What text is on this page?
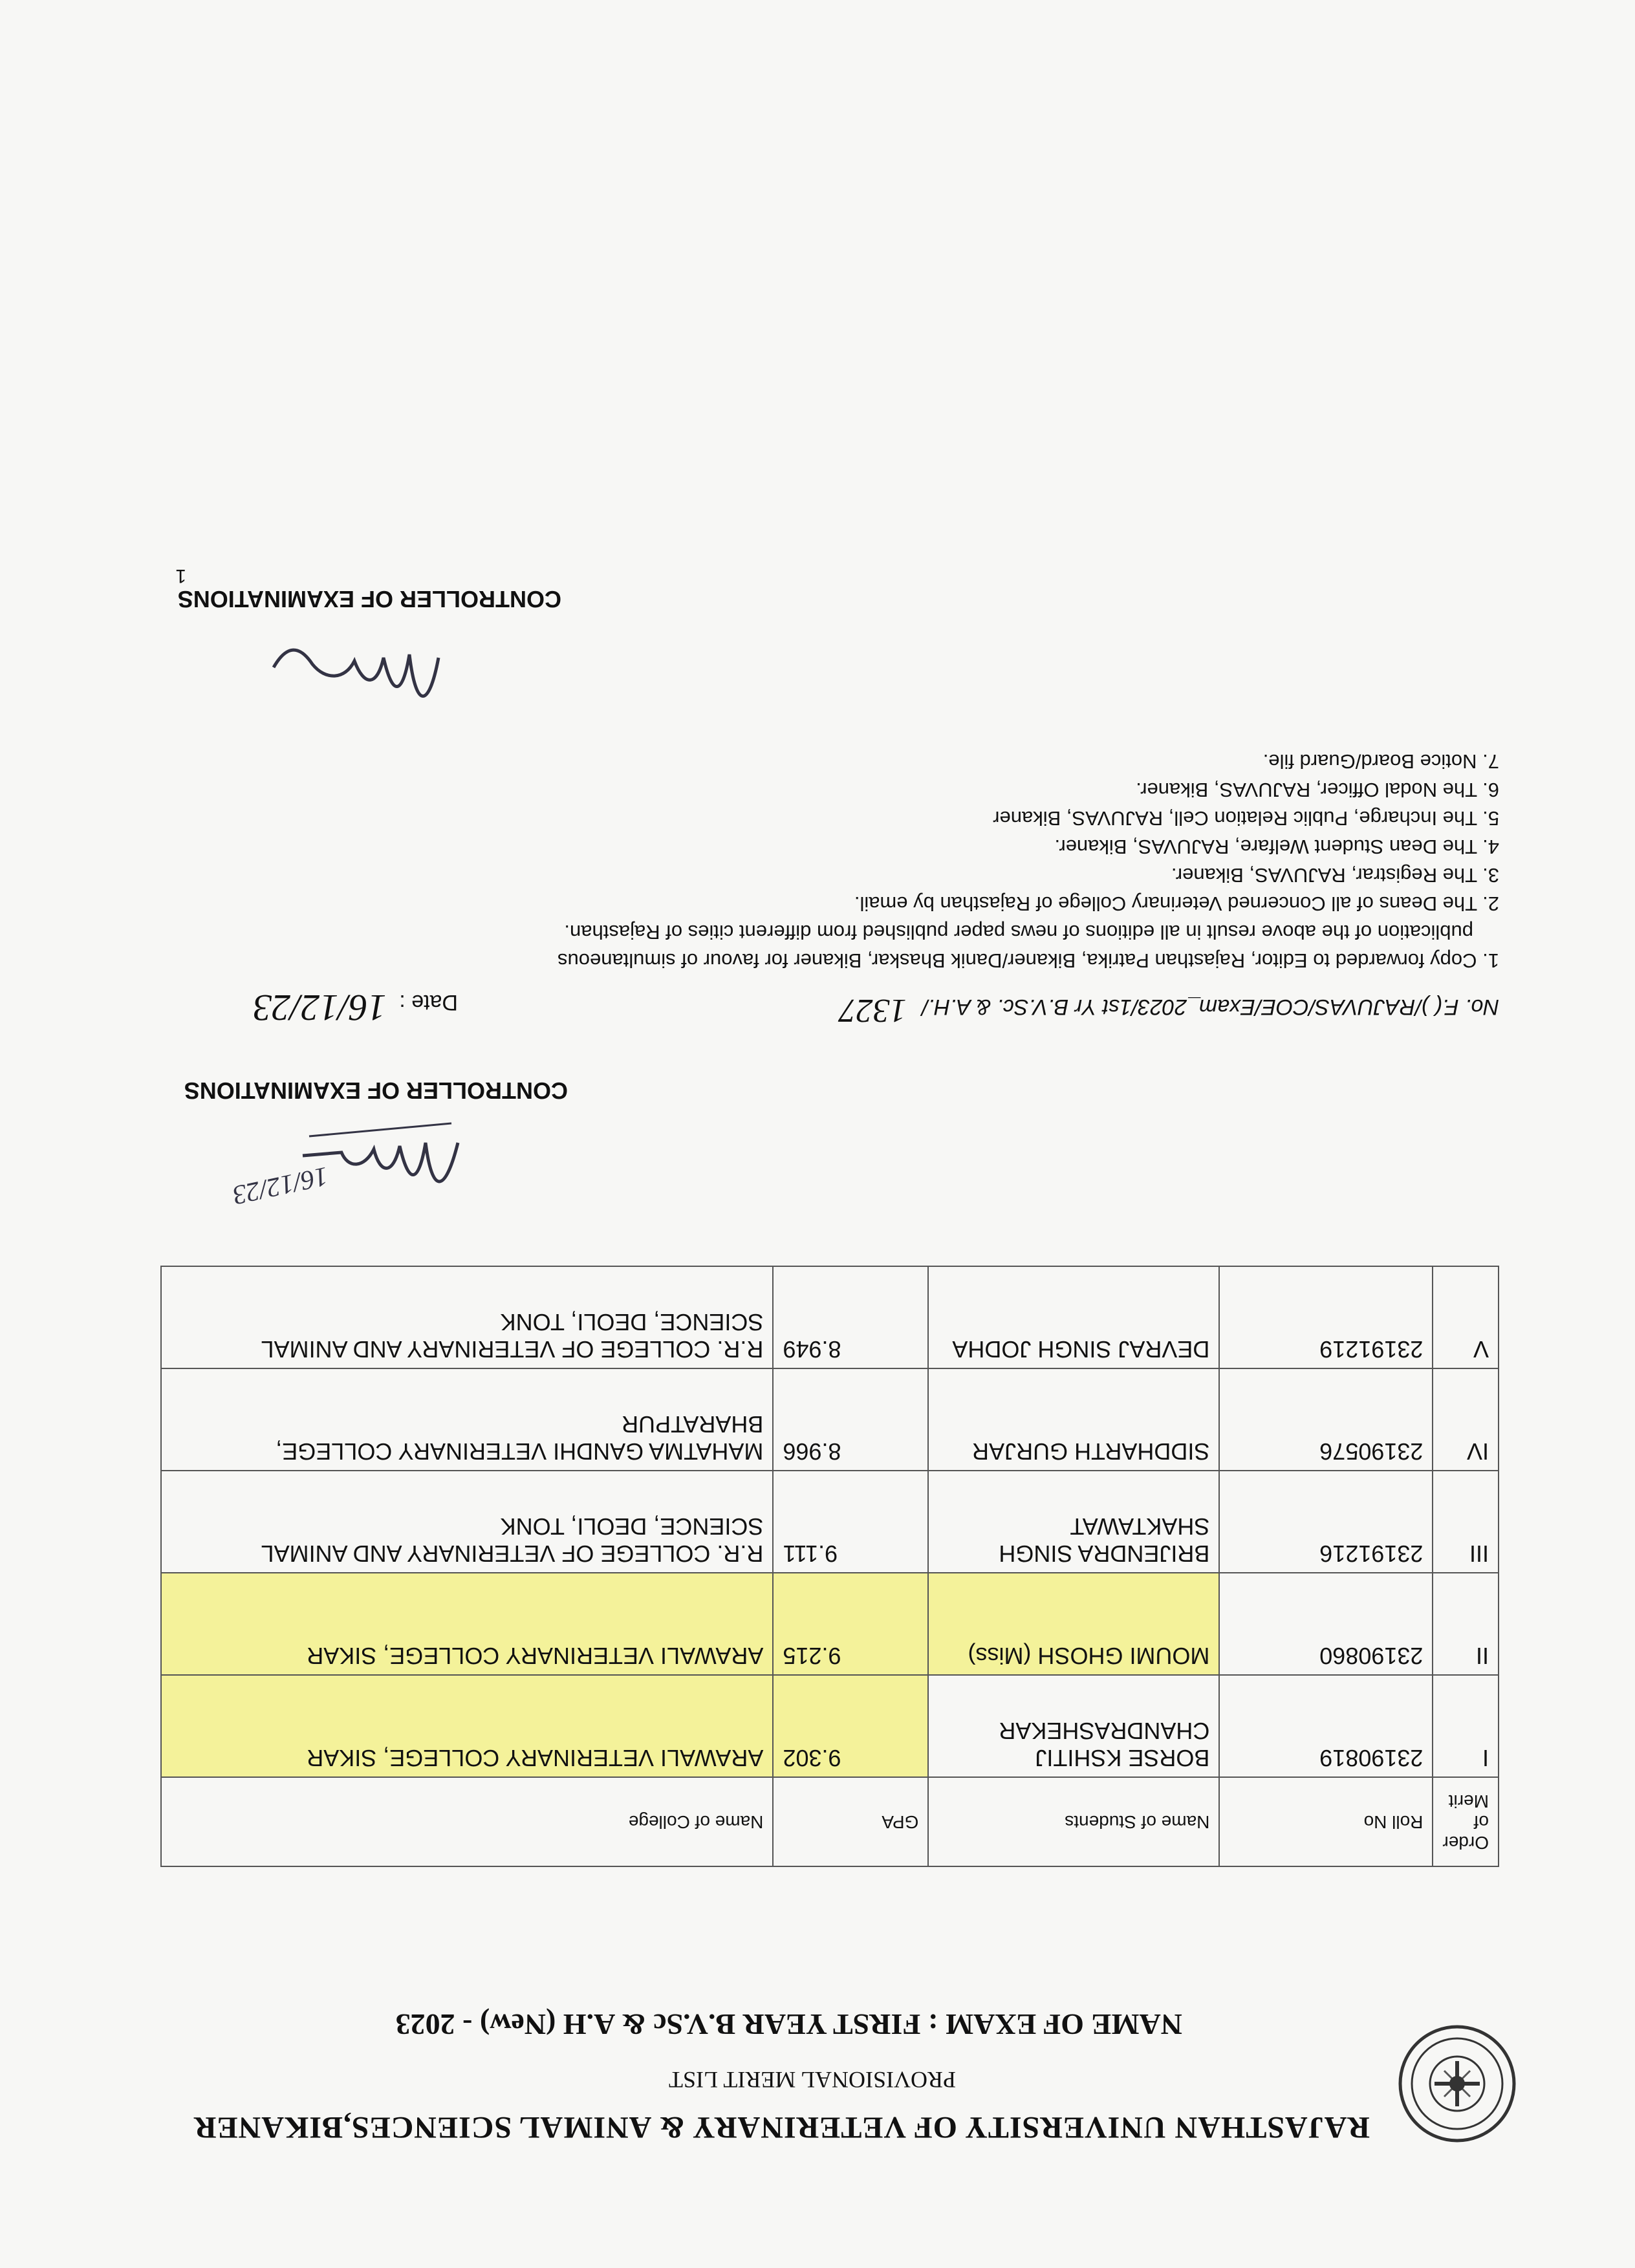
RAJASTHAN UNIVERSITY OF VETERINARY & ANIMAL SCIENCES,BIKANER
PROVISIONAL MERIT LIST
NAME OF EXAM : FIRST YEAR B.V.Sc & A.H (New) - 2023
Order of Merit	Roll No	Name of Students	GPA	Name of College
I	23190819	BORSE KSHITIJ CHANDRASHEKAR	9.302	ARAWALI VETERINARY COLLEGE, SIKAR
II	23190860	MOUMI GHOSH (Miss)	9.215	ARAWALI VETERINARY COLLEGE, SIKAR
III	23191216	BRIJENDRA SINGH SHAKTAWAT	9.111	R.R. COLLEGE OF VETERINARY AND ANIMAL SCIENCE, DEOLI, TONK
IV	23190576	SIDDHARTH GURJAR	8.966	MAHATMA GANDHI VETERINARY COLLEGE, BHARATPUR
V	23191219	DEVRAJ SINGH JODHA	8.949	R.R. COLLEGE OF VETERINARY AND ANIMAL SCIENCE, DEOLI, TONK
CONTROLLER OF EXAMINATIONS
16/12/23
No. F.( )/RAJUVAS/COE/Exam_2023/1st Yr B.V.Sc. & A.H./1327
Date :16/12/23

1. Copy forwarded to Editor, Rajasthan Patrika, Bikaner/Danik Bhaskar, Bikaner for favour of simultaneous

publication of the above result in all editions of news paper published from different cities of Rajasthan.

2. The Deans of all Concerned Veterinary College of Rajasthan by email.

3. The Registrar, RAJUVAS, Bikaner.

4. The Dean Student Welfare, RAJUVAS, Bikaner.

5. The Incharge, Public Relation Cell, RAJUVAS, Bikaner

6. The Nodal Officer, RAJUVAS, Bikaner.

7. Notice Board/Guard file.

CONTROLLER OF EXAMINATIONS
1
